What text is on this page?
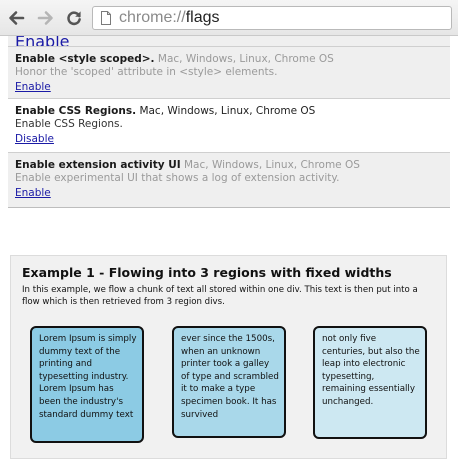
chrome://flags
Enable
Enable <style scoped>. Mac, Windows, Linux, Chrome OS
Honor the 'scoped' attribute in <style> elements.
Enable
Enable CSS Regions. Mac, Windows, Linux, Chrome OS
Enable CSS Regions.
Disable
Enable extension activity UI Mac, Windows, Linux, Chrome OS
Enable experimental UI that shows a log of extension activity.
Enable
Example 1 - Flowing into 3 regions with fixed widths
In this example, we flow a chunk of text all stored within one div. This text is then put into a flow which is then retrieved from 3 region divs.
Lorem Ipsum is simply dummy text of the printing and typesetting industry. Lorem Ipsum has been the industry's standard dummy text
ever since the 1500s, when an unknown printer took a galley of type and scrambled it to make a type specimen book. It has survived
not only five centuries, but also the leap into electronic typesetting, remaining essentially unchanged.
